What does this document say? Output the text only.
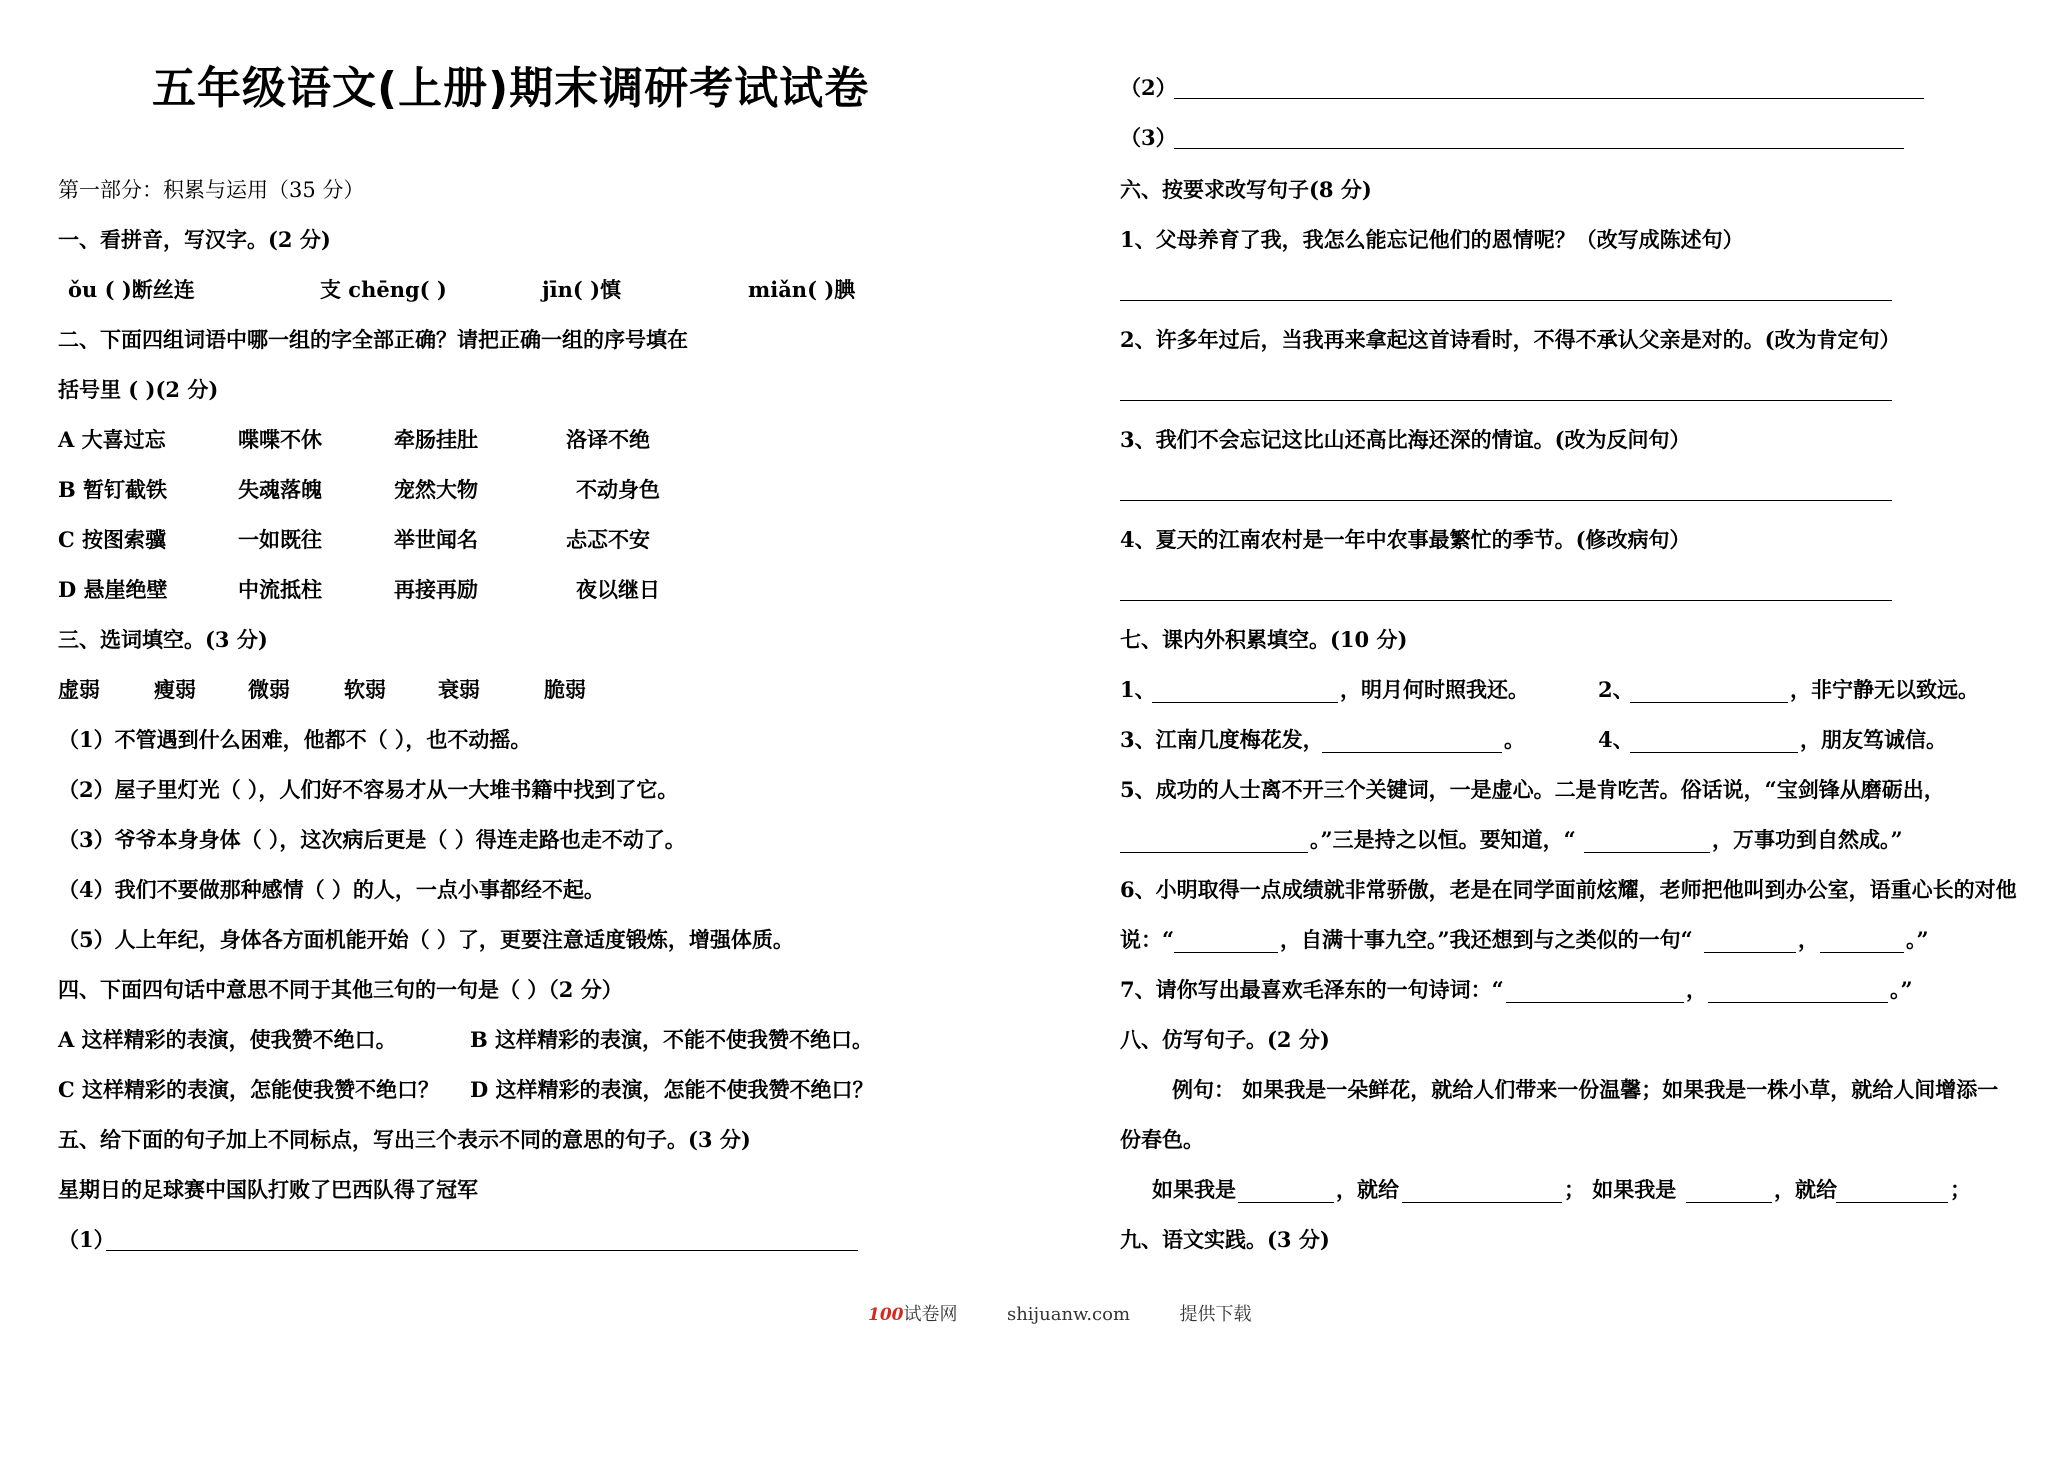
五年级语文(上册)期末调研考试试卷
第一部分：积累与运用（35 分）
一、看拼音，写汉字。(2 分)
ǒu ( )断丝连	支 chēng( )	jīn( )慎	miǎn( )腆
二、下面四组词语中哪一组的字全部正确？请把正确一组的序号填在
括号里 ( )(2 分)
A 大喜过忘	喋喋不休	牵肠挂肚	洛译不绝
B 暂钉截铁	失魂落魄	宠然大物	不动身色
C 按图索骥	一如既往	举世闻名	忐忑不安
D 悬崖绝壁	中流抵柱	再接再励	夜以继日
三、选词填空。(3 分)
虚弱	瘦弱 微弱	软弱 衰弱	脆弱
（1）不管遇到什么困难，他都不（ ），也不动摇。
（2）屋子里灯光（ ），人们好不容易才从一大堆书籍中找到了它。
（3）爷爷本身身体（ ），这次病后更是（ ）得连走路也走不动了。
（4）我们不要做那种感情（ ）的人，一点小事都经不起。
（5）人上年纪，身体各方面机能开始（ ）了，更要注意适度锻炼，增强体质。
四、下面四句话中意思不同于其他三句的一句是（ ）（2 分）
A 这样精彩的表演，使我赞不绝口。	B 这样精彩的表演，不能不使我赞不绝口。
C 这样精彩的表演，怎能使我赞不绝口？ D 这样精彩的表演，怎能不使我赞不绝口？
五、给下面的句子加上不同标点，写出三个表示不同的意思的句子。(3 分)
星期日的足球赛中国队打败了巴西队得了冠军
（1）
（2）
（3）
六、按要求改写句子(8 分)
1、父母养育了我，我怎么能忘记他们的恩情呢？（改写成陈述句）
2、许多年过后，当我再来拿起这首诗看时，不得不承认父亲是对的。(改为肯定句）
3、我们不会忘记这比山还高比海还深的情谊。(改为反问句）
4、夏天的江南农村是一年中农事最繁忙的季节。(修改病句）
七、课内外积累填空。(10 分)
1、	，明月何时照我还。	2、	，非宁静无以致远。
3、江南几度梅花发，	。	4、	，朋友笃诚信。
5、成功的人士离不开三个关键词，一是虚心。二是肯吃苦。俗话说，“宝剑锋从磨砺出，
。”三是持之以恒。要知道，“	，万事功到自然成。”
6、小明取得一点成绩就非常骄傲，老是在同学面前炫耀，老师把他叫到办公室，语重心长的对他
说：“	，自满十事九空。”我还想到与之类似的一句“	，	。”
7、请你写出最喜欢毛泽东的一句诗词：“	，	。”
八、仿写句子。(2 分)
例句： 如果我是一朵鲜花，就给人们带来一份温馨；如果我是一株小草，就给人间增添一
份春色。
如果我是	，就给	； 如果我是	，就给	；
九、语文实践。(3 分)
100试卷网	shijuanw.com	提供下载
